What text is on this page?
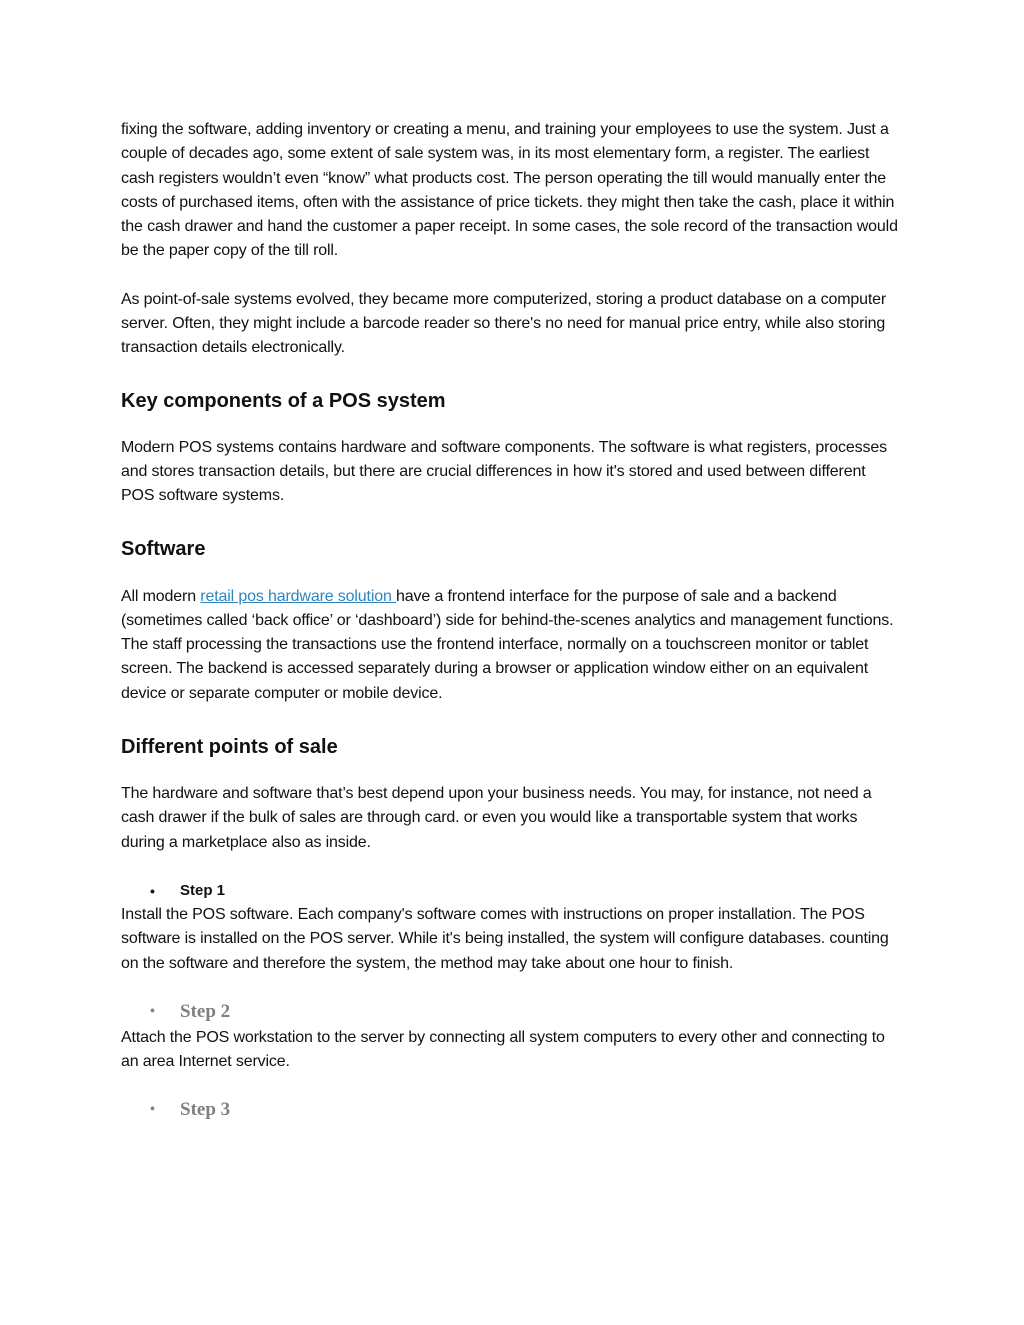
fixing the software, adding inventory or creating a menu, and training your employees to use the system. Just a couple of decades ago, some extent of sale system was, in its most elementary form, a register. The earliest cash registers wouldn’t even “know” what products cost. The person operating the till would manually enter the costs of purchased items, often with the assistance of price tickets. they might then take the cash, place it within the cash drawer and hand the customer a paper receipt. In some cases, the sole record of the transaction would be the paper copy of the till roll.

As point-of-sale systems evolved, they became more computerized, storing a product database on a computer server. Often, they might include a barcode reader so there's no need for manual price entry, while also storing transaction details electronically.

Key components of a POS system

Modern POS systems contains hardware and software components. The software is what registers, processes and stores transaction details, but there are crucial differences in how it's stored and used between different POS software systems.

Software

All modern retail pos hardware solution have a frontend interface for the purpose of sale and a backend (sometimes called ‘back office’ or ‘dashboard’) side for behind-the-scenes analytics and management functions. The staff processing the transactions use the frontend interface, normally on a touchscreen monitor or tablet screen. The backend is accessed separately during a browser or application window either on an equivalent device or separate computer or mobile device.

Different points of sale

The hardware and software that’s best depend upon your business needs. You may, for instance, not need a cash drawer if the bulk of sales are through card. or even you would like a transportable system that works during a marketplace also as inside.

• Step 1

Install the POS software. Each company's software comes with instructions on proper installation. The POS software is installed on the POS server. While it's being installed, the system will configure databases. counting on the software and therefore the system, the method may take about one hour to finish.

• Step 2

Attach the POS workstation to the server by connecting all system computers to every other and connecting to an area Internet service.

• Step 3
